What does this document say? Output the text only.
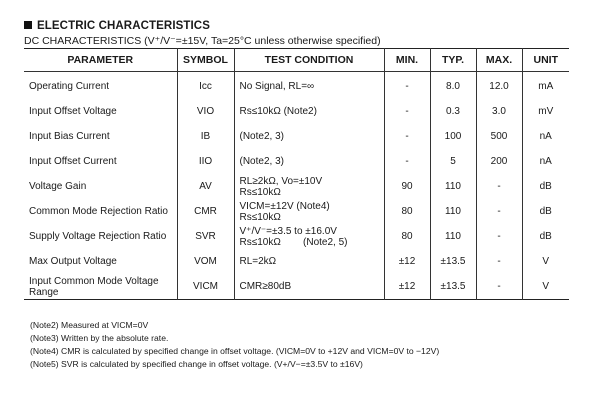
ELECTRIC CHARACTERISTICS
DC CHARACTERISTICS (V⁺/V⁻=±15V, Ta=25°C unless otherwise specified)
PARAMETER	SYMBOL	TEST CONDITION	MIN.	TYP.	MAX.	UNIT
Operating Current	Icc	No Signal, RL=∞	-	8.0	12.0	mA
Input Offset Voltage	VIO	Rs≤10kΩ (Note2)	-	0.3	3.0	mV
Input Bias Current	IB	(Note2, 3)	-	100	500	nA
Input Offset Current	IIO	(Note2, 3)	-	5	200	nA
Voltage Gain	AV	RL≥2kΩ, Vo=±10V
Rs≤10kΩ	90	110	-	dB
Common Mode Rejection Ratio	CMR	VICM=±12V (Note4)
Rs≤10kΩ	80	110	-	dB
Supply Voltage Rejection Ratio	SVR	V⁺/V⁻=±3.5 to ±16.0V
Rs≤10kΩ        (Note2, 5)	80	110	-	dB
Max Output Voltage	VOM	RL=2kΩ	±12	±13.5	-	V
Input Common Mode Voltage Range	VICM	CMR≥80dB	±12	±13.5	-	V
(Note2) Measured at VICM=0V
(Note3) Written by the absolute rate.
(Note4) CMR is calculated by specified change in offset voltage. (VICM=0V to +12V and VICM=0V to −12V)
(Note5) SVR is calculated by specified change in offset voltage. (V+/V−=±3.5V to ±16V)
